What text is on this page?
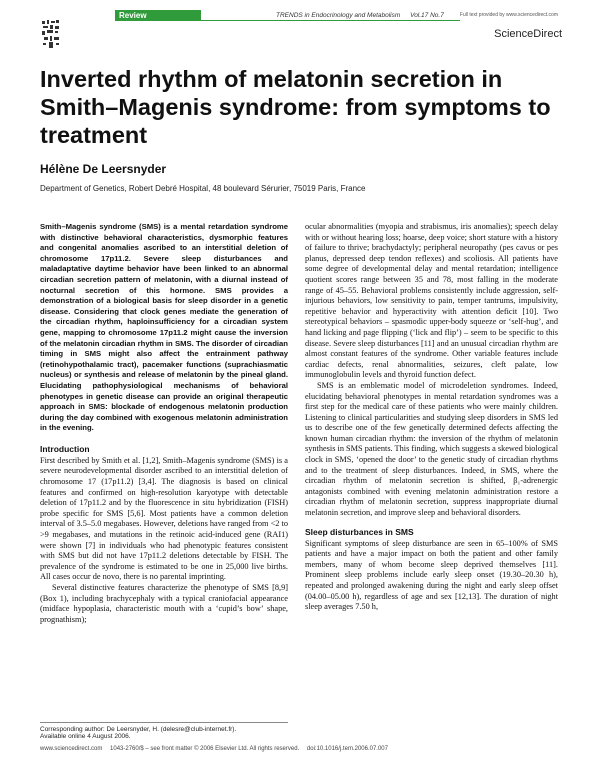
Review	TRENDS in Endocrinology and Metabolism Vol.17 No.7	Full text provided by www.sciencedirect.com
ScienceDirect
Inverted rhythm of melatonin secretion in Smith–Magenis syndrome: from symptoms to treatment

Hélène De Leersnyder

Department of Genetics, Robert Debré Hospital, 48 boulevard Sérurier, 75019 Paris, France

Smith–Magenis syndrome (SMS) is a mental retardation syndrome with distinctive behavioral characteristics, dysmorphic features and congenital anomalies ascribed to an interstitial deletion of chromosome 17p11.2. Severe sleep disturbances and maladaptative daytime behavior have been linked to an abnormal circadian secretion pattern of melatonin, with a diurnal instead of nocturnal secretion of this hormone. SMS provides a demonstration of a biological basis for sleep disorder in a genetic disease. Considering that clock genes mediate the generation of the circadian rhythm, haploinsufficiency for a circadian system gene, mapping to chromosome 17p11.2 might cause the inversion of the melatonin circadian rhythm in SMS. The disorder of circadian timing in SMS might also affect the entrainment pathway (retinohypothalamic tract), pacemaker functions (suprachiasmatic nucleus) or synthesis and release of melatonin by the pineal gland. Elucidating pathophysiological mechanisms of behavioral phenotypes in genetic disease can provide an original therapeutic approach in SMS: blockade of endogenous melatonin production during the day combined with exogenous melatonin administration in the evening.

Introduction

First described by Smith et al. [1,2], Smith–Magenis syndrome (SMS) is a severe neurodevelopmental disorder ascribed to an interstitial deletion of chromosome 17 (17p11.2) [3,4]. The diagnosis is based on clinical features and confirmed on high-resolution karyotype with detectable deletion of 17p11.2 and by the fluorescence in situ hybridization (FISH) probe specific for SMS [5,6]. Most patients have a common deletion interval of 3.5–5.0 megabases. However, deletions have ranged from <2 to >9 megabases, and mutations in the retinoic acid-induced gene (RAI1) were shown [7] in individuals who had phenotypic features consistent with SMS but did not have 17p11.2 deletions detectable by FISH. The prevalence of the syndrome is estimated to be one in 25,000 live births. All cases occur de novo, there is no parental imprinting.

Several distinctive features characterize the phenotype of SMS [8,9] (Box 1), including brachycephaly with a typical craniofacial appearance (midface hypoplasia, characteristic mouth with a ‘cupid’s bow’ shape, prognathism);

Corresponding author: De Leersnyder, H. (delesre@club-internet.fr).
Available online 4 August 2006.

ocular abnormalities (myopia and strabismus, iris anomalies); speech delay with or without hearing loss; hoarse, deep voice; short stature with a history of failure to thrive; brachydactyly; peripheral neuropathy (pes cavus or pes planus, depressed deep tendon reflexes) and scoliosis. All patients have some degree of developmental delay and mental retardation; intelligence quotient scores range between 35 and 78, most falling in the moderate range of 45–55. Behavioral problems consistently include aggression, self-injurious behaviors, low sensitivity to pain, temper tantrums, impulsivity, repetitive behavior and hyperactivity with attention deficit [10]. Two stereotypical behaviors – spasmodic upper-body squeeze or ‘self-hug’, and hand licking and page flipping (‘lick and flip’) – seem to be specific to this disease. Severe sleep disturbances [11] and an unusual circadian rhythm are almost constant features of the syndrome. Other variable features include cardiac defects, renal abnormalities, seizures, cleft palate, low immunoglobulin levels and thyroid function defect.

SMS is an emblematic model of microdeletion syndromes. Indeed, elucidating behavioral phenotypes in mental retardation syndromes was a first step for the medical care of these patients who were mainly children. Listening to clinical particularities and studying sleep disorders in SMS led us to describe one of the few genetically determined defects affecting the known human circadian rhythm: the inversion of the rhythm of melatonin synthesis in SMS patients. This finding, which suggests a skewed biological clock in SMS, ‘opened the door’ to the genetic study of circadian rhythms and to the treatment of sleep disturbances. Indeed, in SMS, where the circadian rhythm of melatonin secretion is shifted, β₁-adrenergic antagonists combined with evening melatonin administration restore a circadian rhythm of melatonin secretion, suppress inappropriate diurnal melatonin secretion, and improve sleep and behavioral disorders.

Sleep disturbances in SMS

Significant symptoms of sleep disturbance are seen in 65–100% of SMS patients and have a major impact on both the patient and other family members, many of whom become sleep deprived themselves [11]. Prominent sleep problems include early sleep onset (19.30–20.30 h), repeated and prolonged awakening during the night and early sleep offset (04.00–05.00 h), regardless of age and sex [12,13]. The duration of night sleep averages 7.50 h,

www.sciencedirect.com 1043-2760/$ – see front matter © 2006 Elsevier Ltd. All rights reserved. doi:10.1016/j.tem.2006.07.007
